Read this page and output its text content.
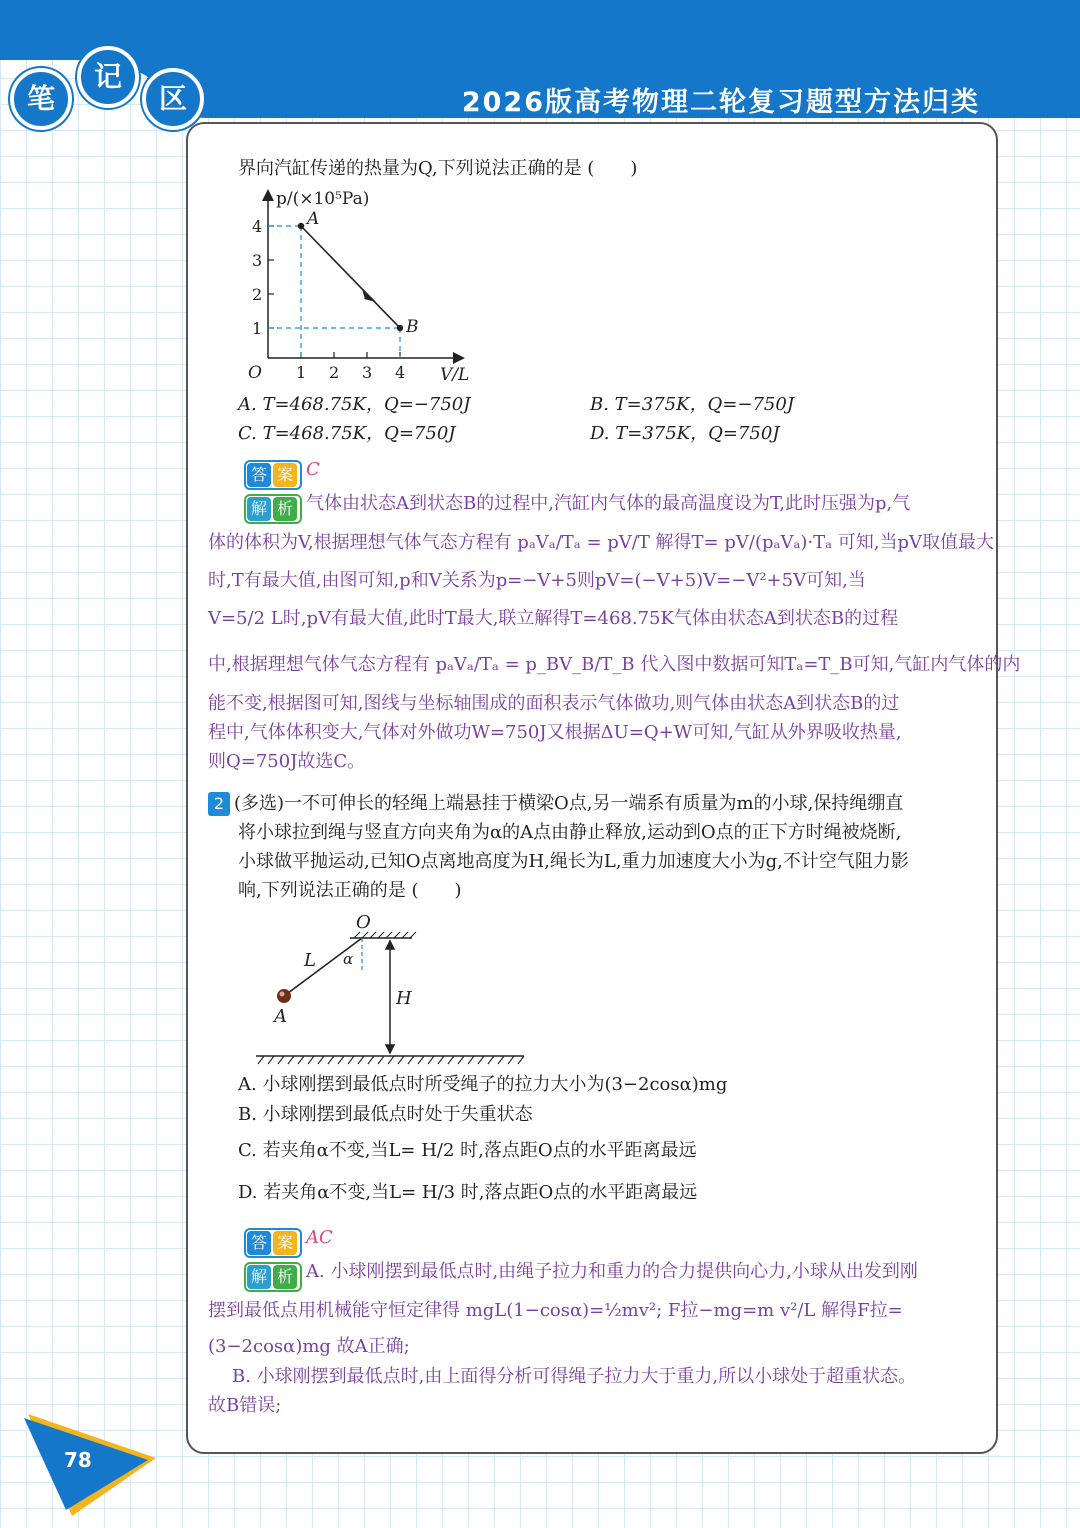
笔
记
区	2026版高考物理二轮复习题型方法归类
界向汽缸传递的热量为Q,下列说法正确的是 (　　)
p/(×10⁵Pa)
V/L
O
1
2
3
4
1 2 3 4
A
B
A. T=468.75K，Q=−750J	B. T=375K，Q=−750J
C. T=468.75K，Q=750J	D. T=375K，Q=750J
答 案 C
解 析 气体由状态A到状态B的过程中,汽缸内气体的最高温度设为T,此时压强为p,气
体的体积为V,根据理想气体气态方程有 pₐVₐ/Tₐ = pV/T 解得T= pV/(pₐVₐ)·Tₐ 可知,当pV取值最大
时,T有最大值,由图可知,p和V关系为p=−V+5则pV=(−V+5)V=−V²+5V可知,当
V=5/2 L时,pV有最大值,此时T最大,联立解得T=468.75K气体由状态A到状态B的过程
中,根据理想气体气态方程有 pₐVₐ/Tₐ = p_BV_B/T_B 代入图中数据可知Tₐ=T_B可知,气缸内气体的内
能不变,根据图可知,图线与坐标轴围成的面积表示气体做功,则气体由状态A到状态B的过
程中,气体体积变大,气体对外做功W=750J又根据ΔU=Q+W可知,气缸从外界吸收热量,
则Q=750J故选C。
2 (多选)一不可伸长的轻绳上端悬挂于横梁O点,另一端系有质量为m的小球,保持绳绷直
将小球拉到绳与竖直方向夹角为α的A点由静止释放,运动到O点的正下方时绳被烧断,
小球做平抛运动,已知O点离地高度为H,绳长为L,重力加速度大小为g,不计空气阻力影
响,下列说法正确的是 (　　)
O
L α
A
H
A. 小球刚摆到最低点时所受绳子的拉力大小为(3−2cosα)mg
B. 小球刚摆到最低点时处于失重状态
C. 若夹角α不变,当L= H/2 时,落点距O点的水平距离最远
D. 若夹角α不变,当L= H/3 时,落点距O点的水平距离最远
答 案 AC
解 析 A. 小球刚摆到最低点时,由绳子拉力和重力的合力提供向心力,小球从出发到刚
摆到最低点用机械能守恒定律得 mgL(1−cosα)=½mv²; F拉−mg=m v²/L 解得F拉=
(3−2cosα)mg 故A正确;
B. 小球刚摆到最低点时,由上面得分析可得绳子拉力大于重力,所以小球处于超重状态。
故B错误;
78
